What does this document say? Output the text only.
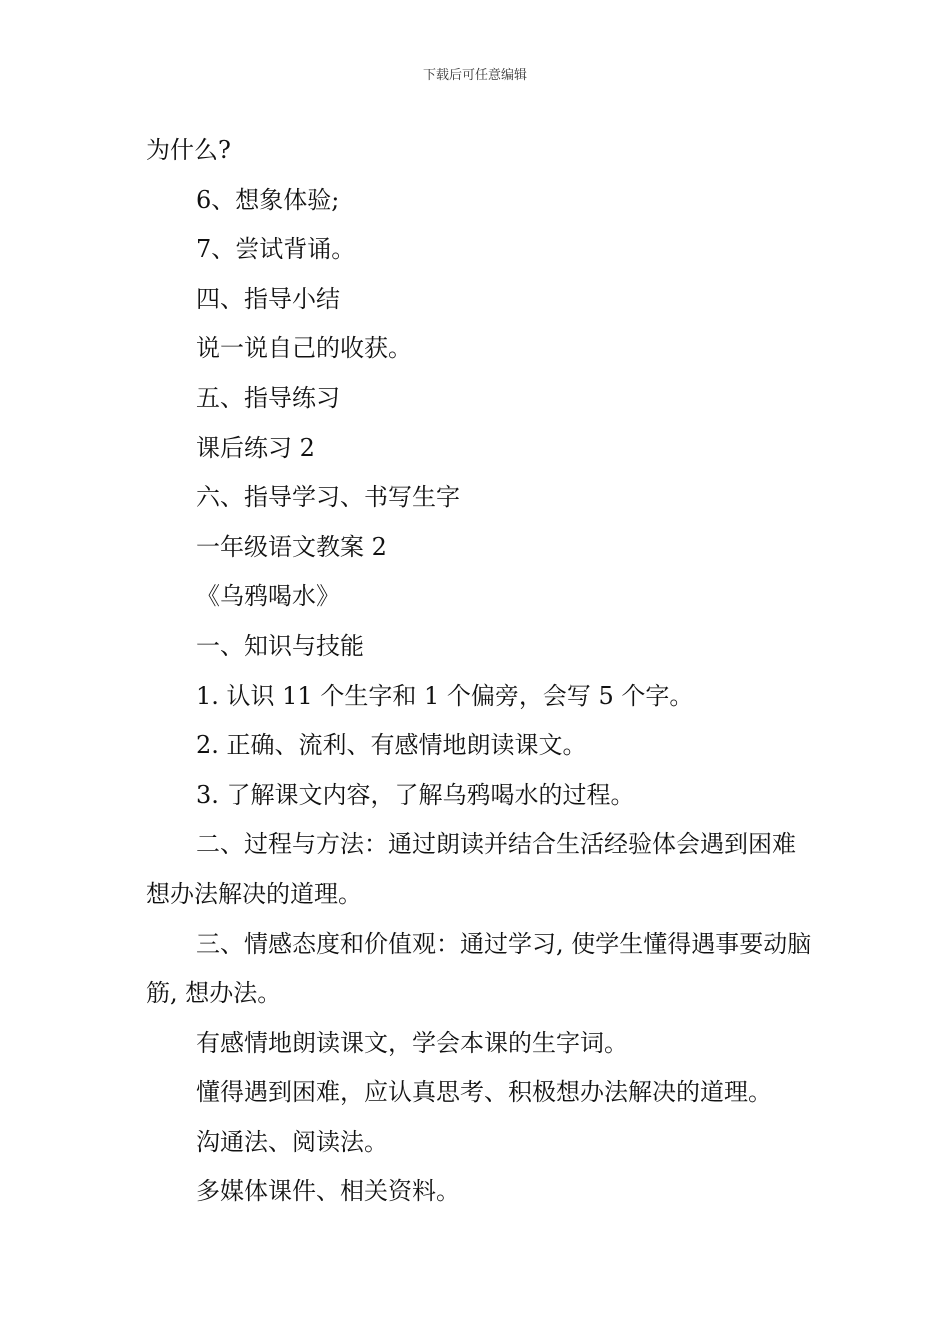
下载后可任意编辑

为什么?

6、想象体验;

7、尝试背诵。

四、指导小结

说一说自己的收获。

五、指导练习

课后练习 2

六、指导学习、书写生字

一年级语文教案 2

《乌鸦喝水》

一、知识与技能

1. 认识 11 个生字和 1 个偏旁，会写 5 个字。

2. 正确、流利、有感情地朗读课文。

3. 了解课文内容，了解乌鸦喝水的过程。

二、过程与方法：通过朗读并结合生活经验体会遇到困难想办法解决的道理。

三、情感态度和价值观：通过学习, 使学生懂得遇事要动脑筋, 想办法。

有感情地朗读课文，学会本课的生字词。

懂得遇到困难，应认真思考、积极想办法解决的道理。

沟通法、阅读法。

多媒体课件、相关资料。
